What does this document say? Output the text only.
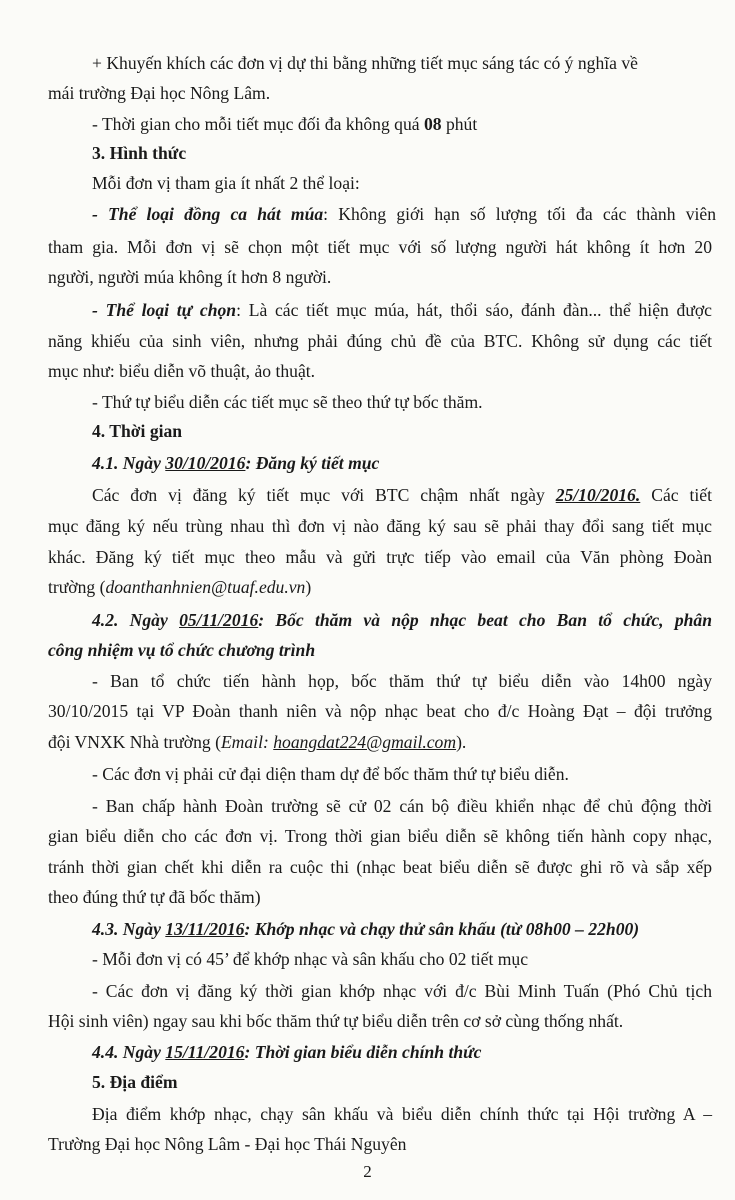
+ Khuyến khích các đơn vị dự thi bằng những tiết mục sáng tác có ý nghĩa về
mái trường Đại học Nông Lâm.
- Thời gian cho mỗi tiết mục đối đa không quá 08 phút
3. Hình thức
Mỗi đơn vị tham gia ít nhất 2 thể loại:
- Thể loại đồng ca hát múa: Không giới hạn số lượng tối đa các thành viên
tham gia. Mỗi đơn vị sẽ chọn một tiết mục với số lượng người hát không ít hơn 20
người, người múa không ít hơn 8 người.
- Thể loại tự chọn: Là các tiết mục múa, hát, thổi sáo, đánh đàn... thể hiện được
năng khiếu của sinh viên, nhưng phải đúng chủ đề của BTC. Không sử dụng các tiết
mục như: biểu diễn võ thuật, ảo thuật.
- Thứ tự biểu diễn các tiết mục sẽ theo thứ tự bốc thăm.
4. Thời gian
4.1. Ngày 30/10/2016: Đăng ký tiết mục
Các đơn vị đăng ký tiết mục với BTC chậm nhất ngày 25/10/2016. Các tiết
mục đăng ký nếu trùng nhau thì đơn vị nào đăng ký sau sẽ phải thay đổi sang tiết mục
khác. Đăng ký tiết mục theo mẫu và gửi trực tiếp vào email của Văn phòng Đoàn
trường (doanthanhnien@tuaf.edu.vn)
4.2. Ngày 05/11/2016: Bốc thăm và nộp nhạc beat cho Ban tổ chức, phân
công nhiệm vụ tổ chức chương trình
- Ban tổ chức tiến hành họp, bốc thăm thứ tự biểu diễn vào 14h00 ngày
30/10/2015 tại VP Đoàn thanh niên và nộp nhạc beat cho đ/c Hoàng Đạt – đội trưởng
đội VNXK Nhà trường (Email: hoangdat224@gmail.com).
- Các đơn vị phải cử đại diện tham dự để bốc thăm thứ tự biểu diễn.
- Ban chấp hành Đoàn trường sẽ cử 02 cán bộ điều khiển nhạc để chủ động thời
gian biểu diễn cho các đơn vị. Trong thời gian biểu diễn sẽ không tiến hành copy nhạc,
tránh thời gian chết khi diễn ra cuộc thi (nhạc beat biểu diễn sẽ được ghi rõ và sắp xếp
theo đúng thứ tự đã bốc thăm)
4.3. Ngày 13/11/2016: Khớp nhạc và chạy thử sân khấu (từ 08h00 – 22h00)
- Mỗi đơn vị có 45’ để khớp nhạc và sân khấu cho 02 tiết mục
- Các đơn vị đăng ký thời gian khớp nhạc với đ/c Bùi Minh Tuấn (Phó Chủ tịch
Hội sinh viên) ngay sau khi bốc thăm thứ tự biểu diễn trên cơ sở cùng thống nhất.
4.4. Ngày 15/11/2016: Thời gian biểu diễn chính thức
5. Địa điểm
Địa điểm khớp nhạc, chạy sân khấu và biểu diễn chính thức tại Hội trường A –
Trường Đại học Nông Lâm - Đại học Thái Nguyên
2
